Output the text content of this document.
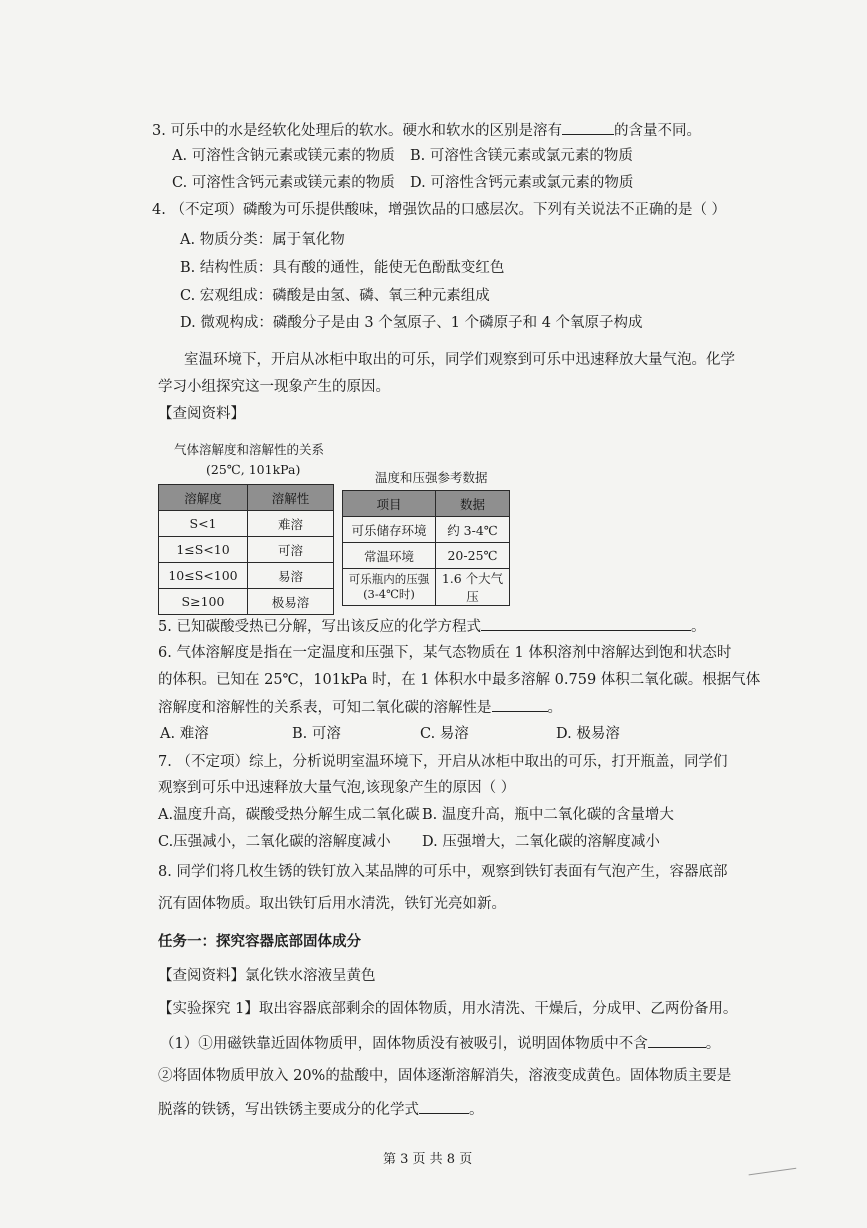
3. 可乐中的水是经软化处理后的软水。硬水和软水的区别是溶有	的含量不同。
A. 可溶性含钠元素或镁元素的物质 B. 可溶性含镁元素或氯元素的物质
C. 可溶性含钙元素或镁元素的物质 D. 可溶性含钙元素或氯元素的物质
4. （不定项）磷酸为可乐提供酸味，增强饮品的口感层次。下列有关说法不正确的是（ ）
A. 物质分类：属于氧化物
B. 结构性质：具有酸的通性，能使无色酚酞变红色
C. 宏观组成：磷酸是由氢、磷、氧三种元素组成
D. 微观构成：磷酸分子是由 3 个氢原子、1 个磷原子和 4 个氧原子构成
室温环境下，开启从冰柜中取出的可乐，同学们观察到可乐中迅速释放大量气泡。化学
学习小组探究这一现象产生的原因。
【查阅资料】
气体溶解度和溶解性的关系
(25℃, 101kPa)
溶解度	溶解性
S<1	难溶
1≤S<10	可溶
10≤S<100	易溶
S≥100	极易溶
温度和压强参考数据
项目	数据
可乐储存环境	约 3-4℃
常温环境	20-25℃
可乐瓶内的压强
(3-4℃时)	1.6 个大气压
5. 已知碳酸受热已分解，写出该反应的化学方程式	。
6. 气体溶解度是指在一定温度和压强下，某气态物质在 1 体积溶剂中溶解达到饱和状态时
的体积。已知在 25℃，101kPa 时，在 1 体积水中最多溶解 0.759 体积二氧化碳。根据气体
溶解度和溶解性的关系表，可知二氧化碳的溶解性是	。
A. 难溶	B. 可溶	C. 易溶	D. 极易溶
7. （不定项）综上，分析说明室温环境下，开启从冰柜中取出的可乐，打开瓶盖，同学们
观察到可乐中迅速释放大量气泡,该现象产生的原因（ ）
A.温度升高，碳酸受热分解生成二氧化碳 B. 温度升高，瓶中二氧化碳的含量增大
C.压强减小，二氧化碳的溶解度减小 D. 压强增大，二氧化碳的溶解度减小
8. 同学们将几枚生锈的铁钉放入某品牌的可乐中，观察到铁钉表面有气泡产生，容器底部
沉有固体物质。取出铁钉后用水清洗，铁钉光亮如新。
任务一：探究容器底部固体成分
【查阅资料】氯化铁水溶液呈黄色
【实验探究 1】取出容器底部剩余的固体物质，用水清洗、干燥后，分成甲、乙两份备用。
（1）①用磁铁靠近固体物质甲，固体物质没有被吸引，说明固体物质中不含	。
②将固体物质甲放入 20%的盐酸中，固体逐渐溶解消失，溶液变成黄色。固体物质主要是
脱落的铁锈，写出铁锈主要成分的化学式	。
第 3 页 共 8 页
